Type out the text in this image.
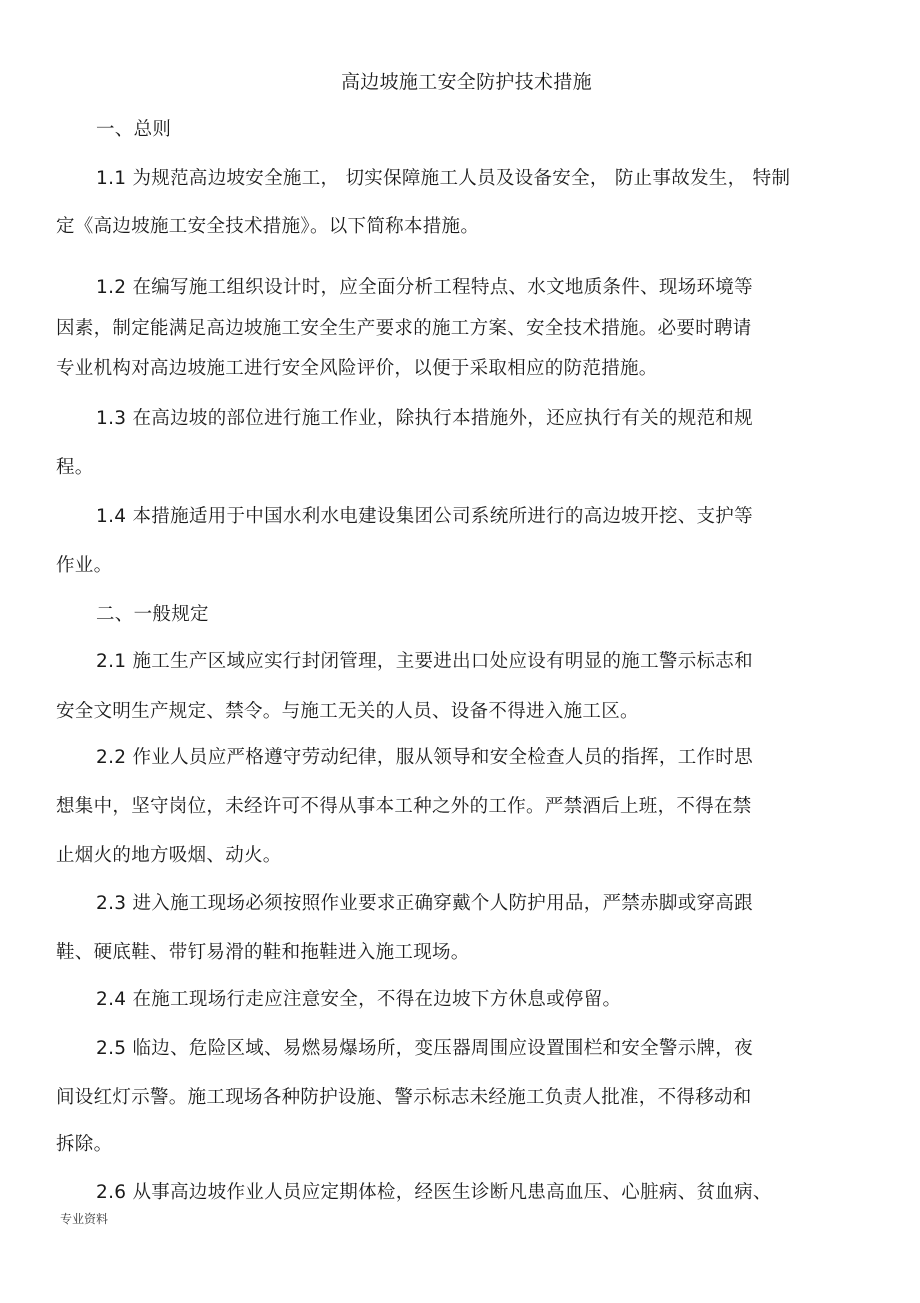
高边坡施工安全防护技术措施
一、总则
1.1 为规范高边坡安全施工， 切实保障施工人员及设备安全， 防止事故发生， 特制
定《高边坡施工安全技术措施》。以下简称本措施。
1.2 在编写施工组织设计时，应全面分析工程特点、水文地质条件、现场环境等
因素，制定能满足高边坡施工安全生产要求的施工方案、安全技术措施。必要时聘请
专业机构对高边坡施工进行安全风险评价，以便于采取相应的防范措施。
1.3 在高边坡的部位进行施工作业，除执行本措施外，还应执行有关的规范和规
程。
1.4 本措施适用于中国水利水电建设集团公司系统所进行的高边坡开挖、支护等
作业。
二、一般规定
2.1 施工生产区域应实行封闭管理，主要进出口处应设有明显的施工警示标志和
安全文明生产规定、禁令。与施工无关的人员、设备不得进入施工区。
2.2 作业人员应严格遵守劳动纪律，服从领导和安全检查人员的指挥，工作时思
想集中，坚守岗位，未经许可不得从事本工种之外的工作。严禁酒后上班，不得在禁
止烟火的地方吸烟、动火。
2.3 进入施工现场必须按照作业要求正确穿戴个人防护用品，严禁赤脚或穿高跟
鞋、硬底鞋、带钉易滑的鞋和拖鞋进入施工现场。
2.4 在施工现场行走应注意安全，不得在边坡下方休息或停留。
2.5 临边、危险区域、易燃易爆场所，变压器周围应设置围栏和安全警示牌，夜
间设红灯示警。施工现场各种防护设施、警示标志未经施工负责人批准，不得移动和
拆除。
2.6 从事高边坡作业人员应定期体检，经医生诊断凡患高血压、心脏病、贫血病、
专业资料
